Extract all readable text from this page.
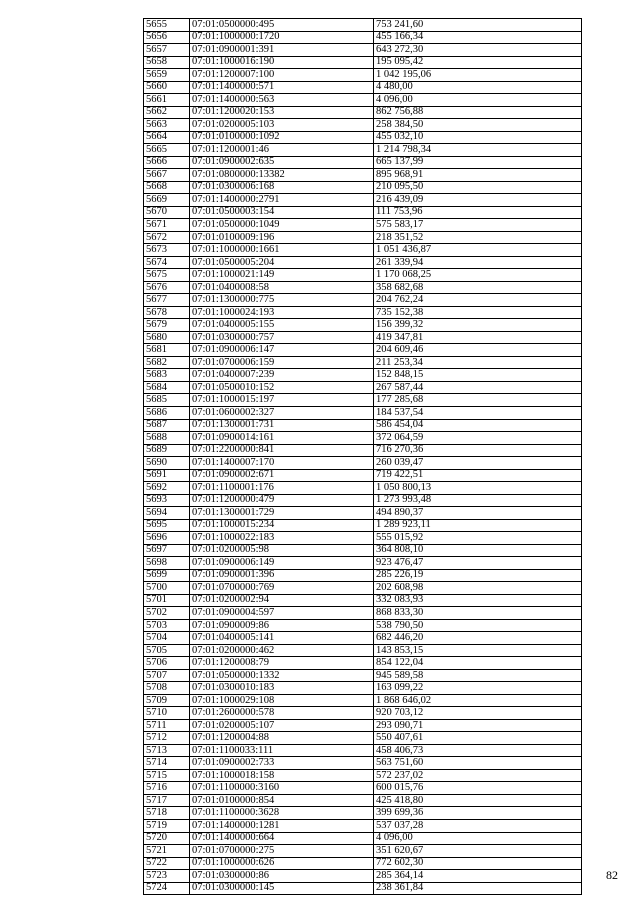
5655	07:01:0500000:495	753 241,60
5656	07:01:1000000:1720	455 166,34
5657	07:01:0900001:391	643 272,30
5658	07:01:1000016:190	195 095,42
5659	07:01:1200007:100	1 042 195,06
5660	07:01:1400000:571	4 480,00
5661	07:01:1400000:563	4 096,00
5662	07:01:1200020:153	862 756,88
5663	07:01:0200005:103	258 384,50
5664	07:01:0100000:1092	455 032,10
5665	07:01:1200001:46	1 214 798,34
5666	07:01:0900002:635	665 137,99
5667	07:01:0800000:13382	895 968,91
5668	07:01:0300006:168	210 095,50
5669	07:01:1400000:2791	216 439,09
5670	07:01:0500003:154	111 753,96
5671	07:01:0500000:1049	575 583,17
5672	07:01:0100009:196	218 351,52
5673	07:01:1000000:1661	1 051 436,87
5674	07:01:0500005:204	261 339,94
5675	07:01:1000021:149	1 170 068,25
5676	07:01:0400008:58	358 682,68
5677	07:01:1300000:775	204 762,24
5678	07:01:1000024:193	735 152,38
5679	07:01:0400005:155	156 399,32
5680	07:01:0300000:757	419 347,81
5681	07:01:0900006:147	204 609,46
5682	07:01:0700006:159	211 253,34
5683	07:01:0400007:239	152 848,15
5684	07:01:0500010:152	267 587,44
5685	07:01:1000015:197	177 285,68
5686	07:01:0600002:327	184 537,54
5687	07:01:1300001:731	586 454,04
5688	07:01:0900014:161	372 064,59
5689	07:01:2200000:841	716 270,36
5690	07:01:1400007:170	260 039,47
5691	07:01:0900002:671	719 422,51
5692	07:01:1100001:176	1 050 800,13
5693	07:01:1200000:479	1 273 993,48
5694	07:01:1300001:729	494 890,37
5695	07:01:1000015:234	1 289 923,11
5696	07:01:1000022:183	555 015,92
5697	07:01:0200005:98	364 808,10
5698	07:01:0900006:149	923 476,47
5699	07:01:0900001:396	285 226,19
5700	07:01:0700000:769	202 608,98
5701	07:01:0200002:94	332 083,93
5702	07:01:0900004:597	868 833,30
5703	07:01:0900009:86	538 790,50
5704	07:01:0400005:141	682 446,20
5705	07:01:0200000:462	143 853,15
5706	07:01:1200008:79	854 122,04
5707	07:01:0500000:1332	945 589,58
5708	07:01:0300010:183	163 099,22
5709	07:01:1000029:108	1 868 646,02
5710	07:01:2600000:578	920 703,12
5711	07:01:0200005:107	293 090,71
5712	07:01:1200004:88	550 407,61
5713	07:01:1100033:111	458 406,73
5714	07:01:0900002:733	563 751,60
5715	07:01:1000018:158	572 237,02
5716	07:01:1100000:3160	600 015,76
5717	07:01:0100000:854	425 418,80
5718	07:01:1100000:3628	399 699,36
5719	07:01:1400000:1281	537 037,28
5720	07:01:1400000:664	4 096,00
5721	07:01:0700000:275	351 620,67
5722	07:01:1000000:626	772 602,30
5723	07:01:0300000:86	285 364,14
5724	07:01:0300000:145	238 361,84
82
